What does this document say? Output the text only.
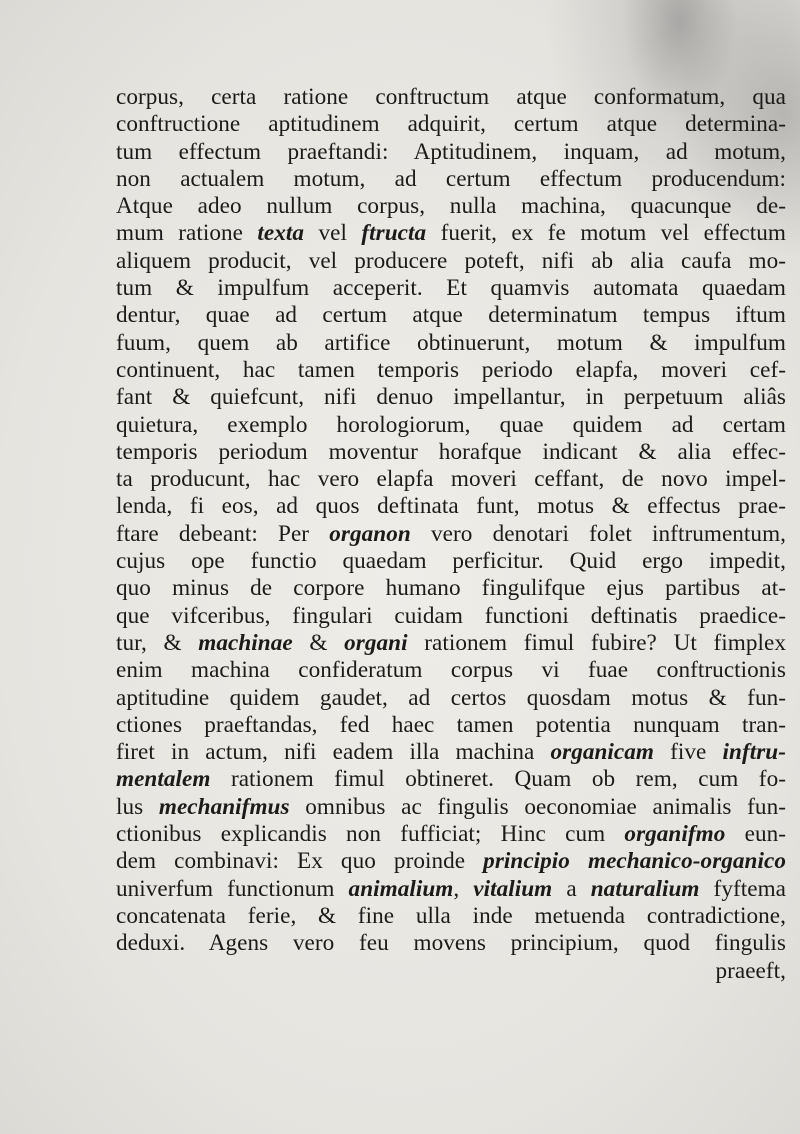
corpus, certa ratione conftructum atque conformatum, qua
conftructione aptitudinem adquirit, certum atque determina-
tum effectum praeftandi: Aptitudinem, inquam, ad motum,
non actualem motum, ad certum effectum producendum:
Atque adeo nullum corpus, nulla machina, quacunque de-
mum ratione texta vel ftructa fuerit, ex fe motum vel effectum
aliquem producit, vel producere poteft, nifi ab alia caufa mo-
tum & impulfum acceperit. Et quamvis automata quaedam
dentur, quae ad certum atque determinatum tempus iftum
fuum, quem ab artifice obtinuerunt, motum & impulfum
continuent, hac tamen temporis periodo elapfa, moveri cef-
fant & quiefcunt, nifi denuo impellantur, in perpetuum aliâs
quietura, exemplo horologiorum, quae quidem ad certam
temporis periodum moventur horafque indicant & alia effec-
ta producunt, hac vero elapfa moveri ceffant, de novo impel-
lenda, fi eos, ad quos deftinata funt, motus & effectus prae-
ftare debeant: Per organon vero denotari folet inftrumentum,
cujus ope functio quaedam perficitur. Quid ergo impedit,
quo minus de corpore humano fingulifque ejus partibus at-
que vifceribus, fingulari cuidam functioni deftinatis praedice-
tur, & machinae & organi rationem fimul fubire? Ut fimplex
enim machina confideratum corpus vi fuae conftructionis
aptitudine quidem gaudet, ad certos quosdam motus & fun-
ctiones praeftandas, fed haec tamen potentia nunquam tran-
firet in actum, nifi eadem illa machina organicam five inftru-
mentalem rationem fimul obtineret. Quam ob rem, cum fo-
lus mechanifmus omnibus ac fingulis oeconomiae animalis fun-
ctionibus explicandis non fufficiat; Hinc cum organifmo eun-
dem combinavi: Ex quo proinde principio mechanico-organico
univerfum functionum animalium, vitalium a naturalium fyftema
concatenata ferie, & fine ulla inde metuenda contradictione,
deduxi. Agens vero feu movens principium, quod fingulis
praeeft,
